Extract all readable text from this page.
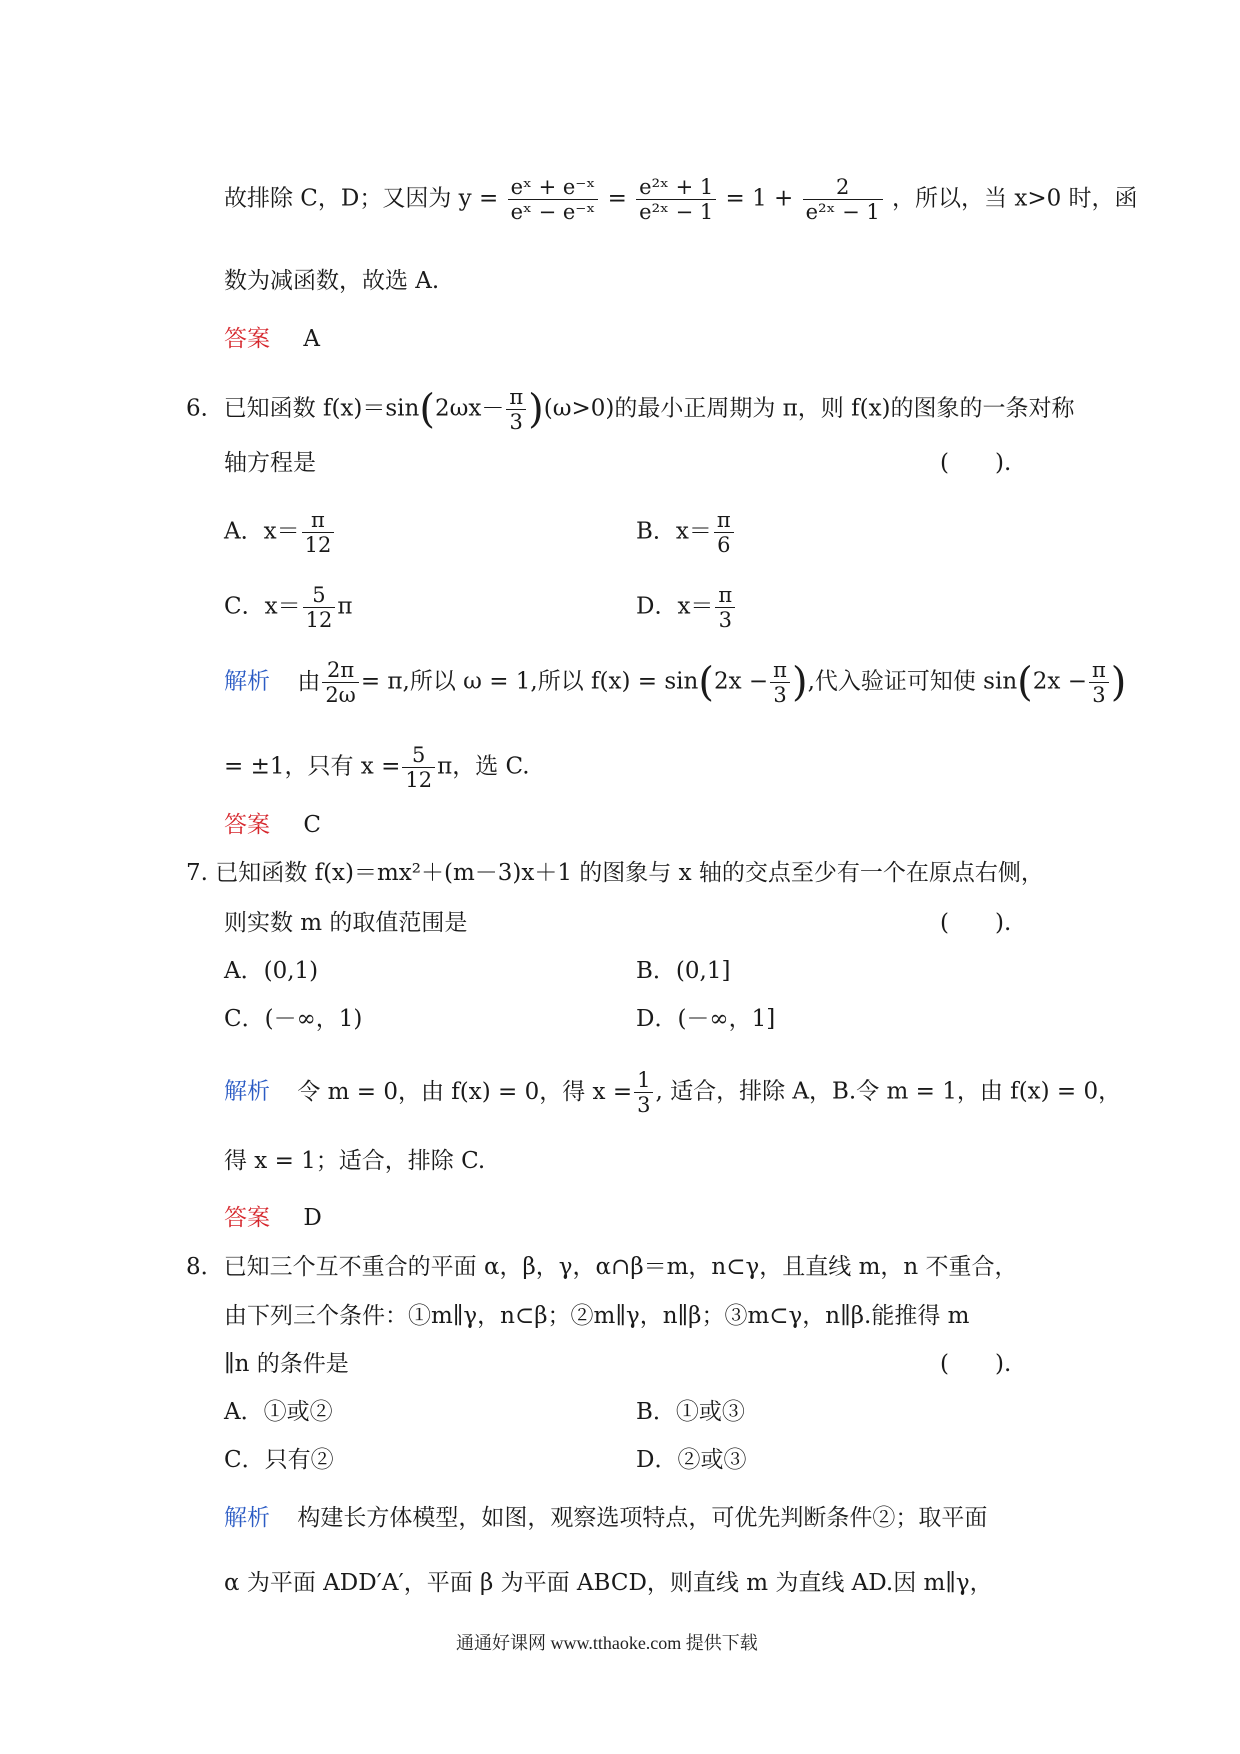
故排除 C，D；又因为 $y = \frac{\text{eˣ + e⁻ˣ}}{\text{eˣ − e⁻ˣ}} = \frac{\text{e²ˣ + 1}}{\text{e²ˣ − 1}} = 1 + \frac{2}{\text{e²ˣ − 1}}$ ，所以，当 x>0 时，函
数为减函数，故选 A.
答案 A
6．已知函数 $f(x)=\sin(2\omega x- \frac{\pi}{3} )(\omega>0)$的最小正周期为 π，则 f(x)的图象的一条对称
轴方程是	(　　).
A．$x= \frac{\pi}{12}$	B．$x= \frac{\pi}{6}$
C．$x= \frac{5}{12}$ π	D．$x= \frac{\pi}{3}$
解析 由 $\frac{2\pi}{2\omega} = \pi$,所以 ω = 1,所以 $f(x) = \sin(2x - \frac{\pi}{3}$ ),代入验证可知使 $\sin(2x - \frac{\pi}{3}$ )
= ±1，只有 $x = \frac{5}{12}$ π，选 C.
答案 C
7. 已知函数 f(x)＝mx²＋(m－3)x＋1 的图象与 x 轴的交点至少有一个在原点右侧，
则实数 m 的取值范围是	(　　).
A．(0,1)	B．(0,1]
C．(－∞，1)	D．(－∞，1]
解析 令 m = 0，由 f(x) = 0，得 $x = \frac{1}{3}$ , 适合，排除 A，B.令 m = 1，由 f(x) = 0，
得 x = 1；适合，排除 C.
答案 D
8．已知三个互不重合的平面 α，β，γ，α∩β＝m，n⊂γ，且直线 m，n 不重合，
由下列三个条件：①m∥γ，n⊂β；②m∥γ，n∥β；③m⊂γ，n∥β.能推得 m
∥n 的条件是	(　　).
A．①或②	B．①或③
C．只有②	D．②或③
解析 构建长方体模型，如图，观察选项特点，可优先判断条件②；取平面
α 为平面 ADD′A′，平面 β 为平面 ABCD，则直线 m 为直线 AD.因 m∥γ，
通通好课网 www.tthaoke.com 提供下载
